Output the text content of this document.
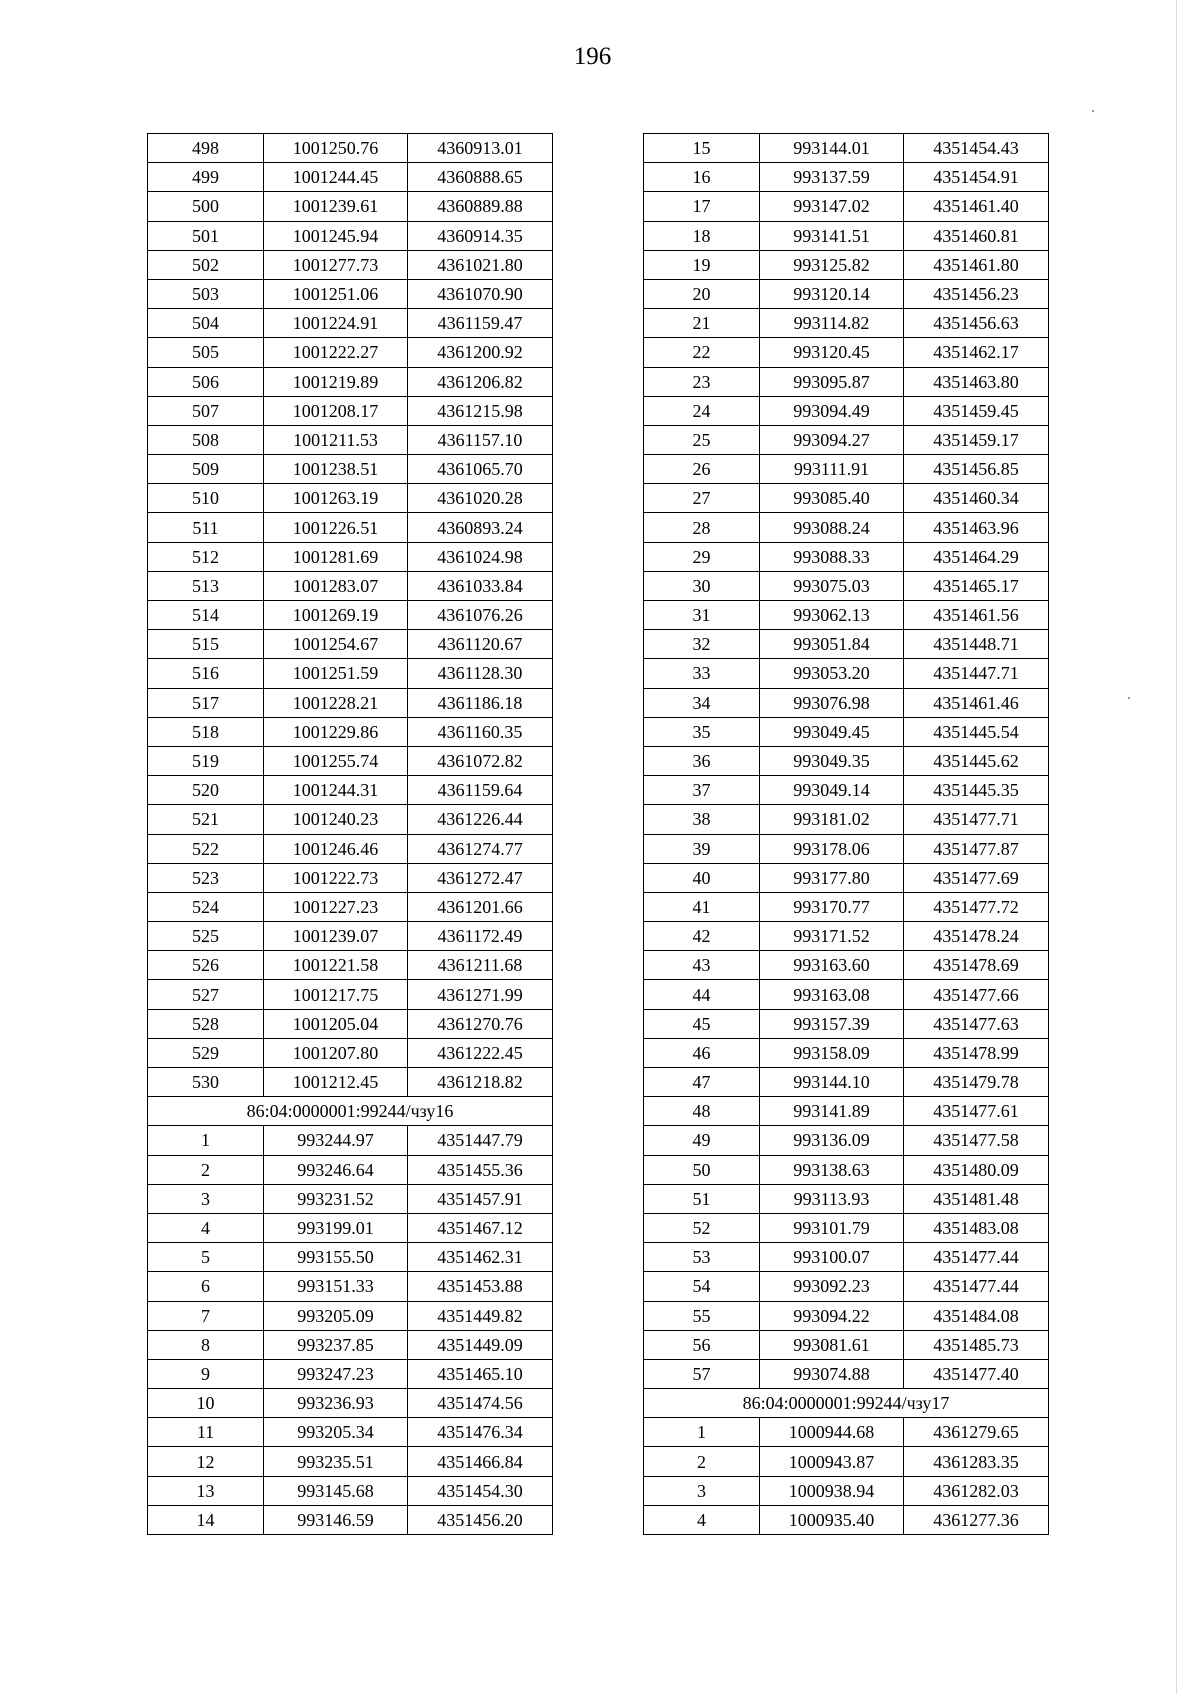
196
498	1001250.76	4360913.01
499	1001244.45	4360888.65
500	1001239.61	4360889.88
501	1001245.94	4360914.35
502	1001277.73	4361021.80
503	1001251.06	4361070.90
504	1001224.91	4361159.47
505	1001222.27	4361200.92
506	1001219.89	4361206.82
507	1001208.17	4361215.98
508	1001211.53	4361157.10
509	1001238.51	4361065.70
510	1001263.19	4361020.28
511	1001226.51	4360893.24
512	1001281.69	4361024.98
513	1001283.07	4361033.84
514	1001269.19	4361076.26
515	1001254.67	4361120.67
516	1001251.59	4361128.30
517	1001228.21	4361186.18
518	1001229.86	4361160.35
519	1001255.74	4361072.82
520	1001244.31	4361159.64
521	1001240.23	4361226.44
522	1001246.46	4361274.77
523	1001222.73	4361272.47
524	1001227.23	4361201.66
525	1001239.07	4361172.49
526	1001221.58	4361211.68
527	1001217.75	4361271.99
528	1001205.04	4361270.76
529	1001207.80	4361222.45
530	1001212.45	4361218.82
86:04:0000001:99244/чзу16		
1	993244.97	4351447.79
2	993246.64	4351455.36
3	993231.52	4351457.91
4	993199.01	4351467.12
5	993155.50	4351462.31
6	993151.33	4351453.88
7	993205.09	4351449.82
8	993237.85	4351449.09
9	993247.23	4351465.10
10	993236.93	4351474.56
11	993205.34	4351476.34
12	993235.51	4351466.84
13	993145.68	4351454.30
14	993146.59	4351456.20
15	993144.01	4351454.43
16	993137.59	4351454.91
17	993147.02	4351461.40
18	993141.51	4351460.81
19	993125.82	4351461.80
20	993120.14	4351456.23
21	993114.82	4351456.63
22	993120.45	4351462.17
23	993095.87	4351463.80
24	993094.49	4351459.45
25	993094.27	4351459.17
26	993111.91	4351456.85
27	993085.40	4351460.34
28	993088.24	4351463.96
29	993088.33	4351464.29
30	993075.03	4351465.17
31	993062.13	4351461.56
32	993051.84	4351448.71
33	993053.20	4351447.71
34	993076.98	4351461.46
35	993049.45	4351445.54
36	993049.35	4351445.62
37	993049.14	4351445.35
38	993181.02	4351477.71
39	993178.06	4351477.87
40	993177.80	4351477.69
41	993170.77	4351477.72
42	993171.52	4351478.24
43	993163.60	4351478.69
44	993163.08	4351477.66
45	993157.39	4351477.63
46	993158.09	4351478.99
47	993144.10	4351479.78
48	993141.89	4351477.61
49	993136.09	4351477.58
50	993138.63	4351480.09
51	993113.93	4351481.48
52	993101.79	4351483.08
53	993100.07	4351477.44
54	993092.23	4351477.44
55	993094.22	4351484.08
56	993081.61	4351485.73
57	993074.88	4351477.40
86:04:0000001:99244/чзу17		
1	1000944.68	4361279.65
2	1000943.87	4361283.35
3	1000938.94	4361282.03
4	1000935.40	4361277.36
